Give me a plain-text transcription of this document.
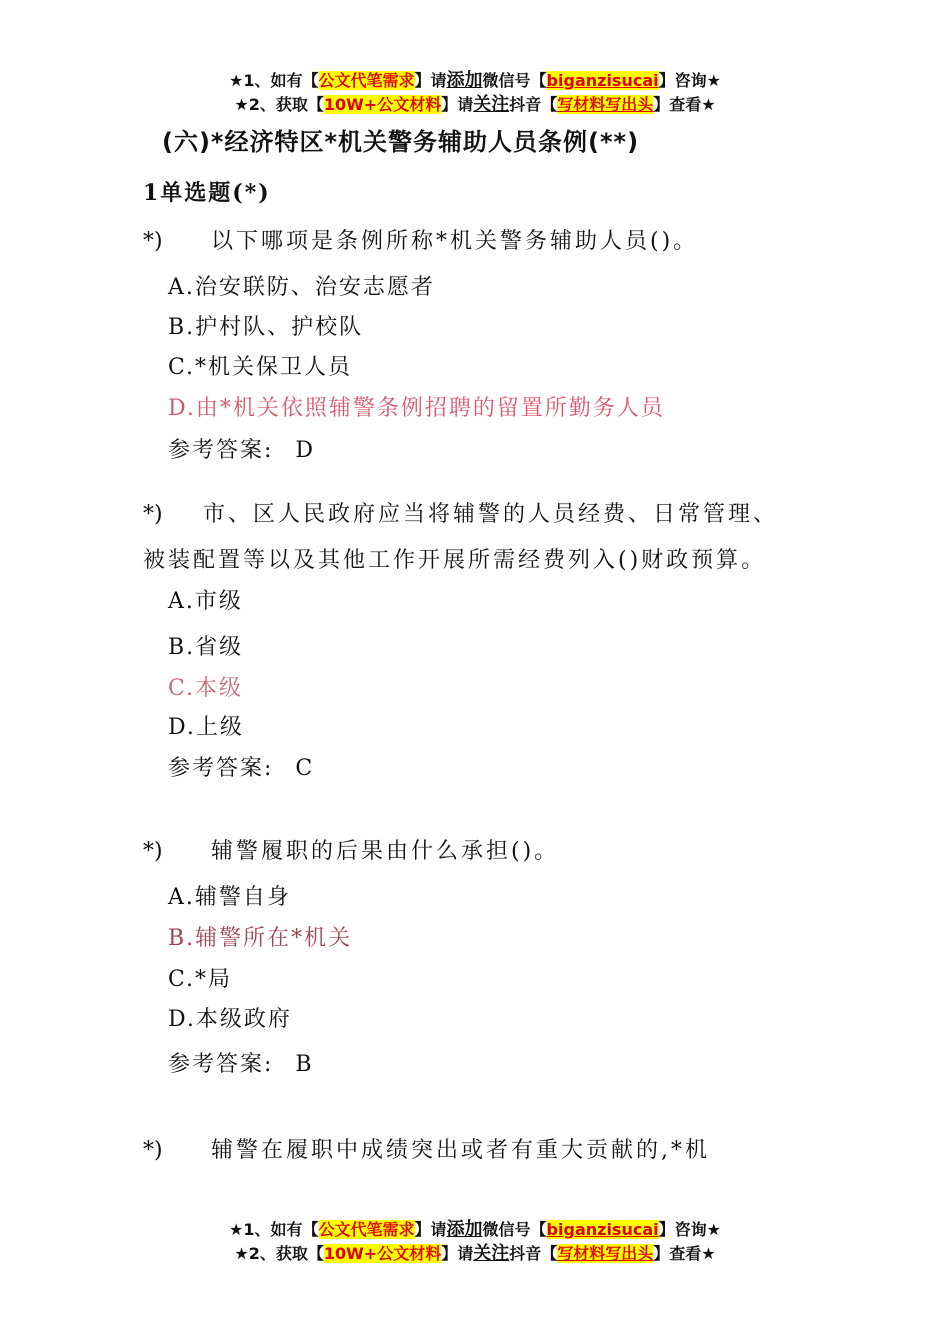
★1、如有【公文代笔需求】请添加微信号【biganzisucai】咨询★
★2、获取【10W+公文材料】请关注抖音【写材料写出头】查看★
(六)*经济特区*机关警务辅助人员条例(**)
1单选题(*)
*) 以下哪项是条例所称*机关警务辅助人员()。
A.治安联防、治安志愿者
B.护村队、护校队
C.*机关保卫人员
D.由*机关依照辅警条例招聘的留置所勤务人员
参考答案: D
*) 市、区人民政府应当将辅警的人员经费、日常管理、
被装配置等以及其他工作开展所需经费列入()财政预算。
A.市级
B.省级
C.本级
D.上级
参考答案: C
*) 辅警履职的后果由什么承担()。
A.辅警自身
B.辅警所在*机关
C.*局
D.本级政府
参考答案: B
*) 辅警在履职中成绩突出或者有重大贡献的,*机
★1、如有【公文代笔需求】请添加微信号【biganzisucai】咨询★
★2、获取【10W+公文材料】请关注抖音【写材料写出头】查看★
